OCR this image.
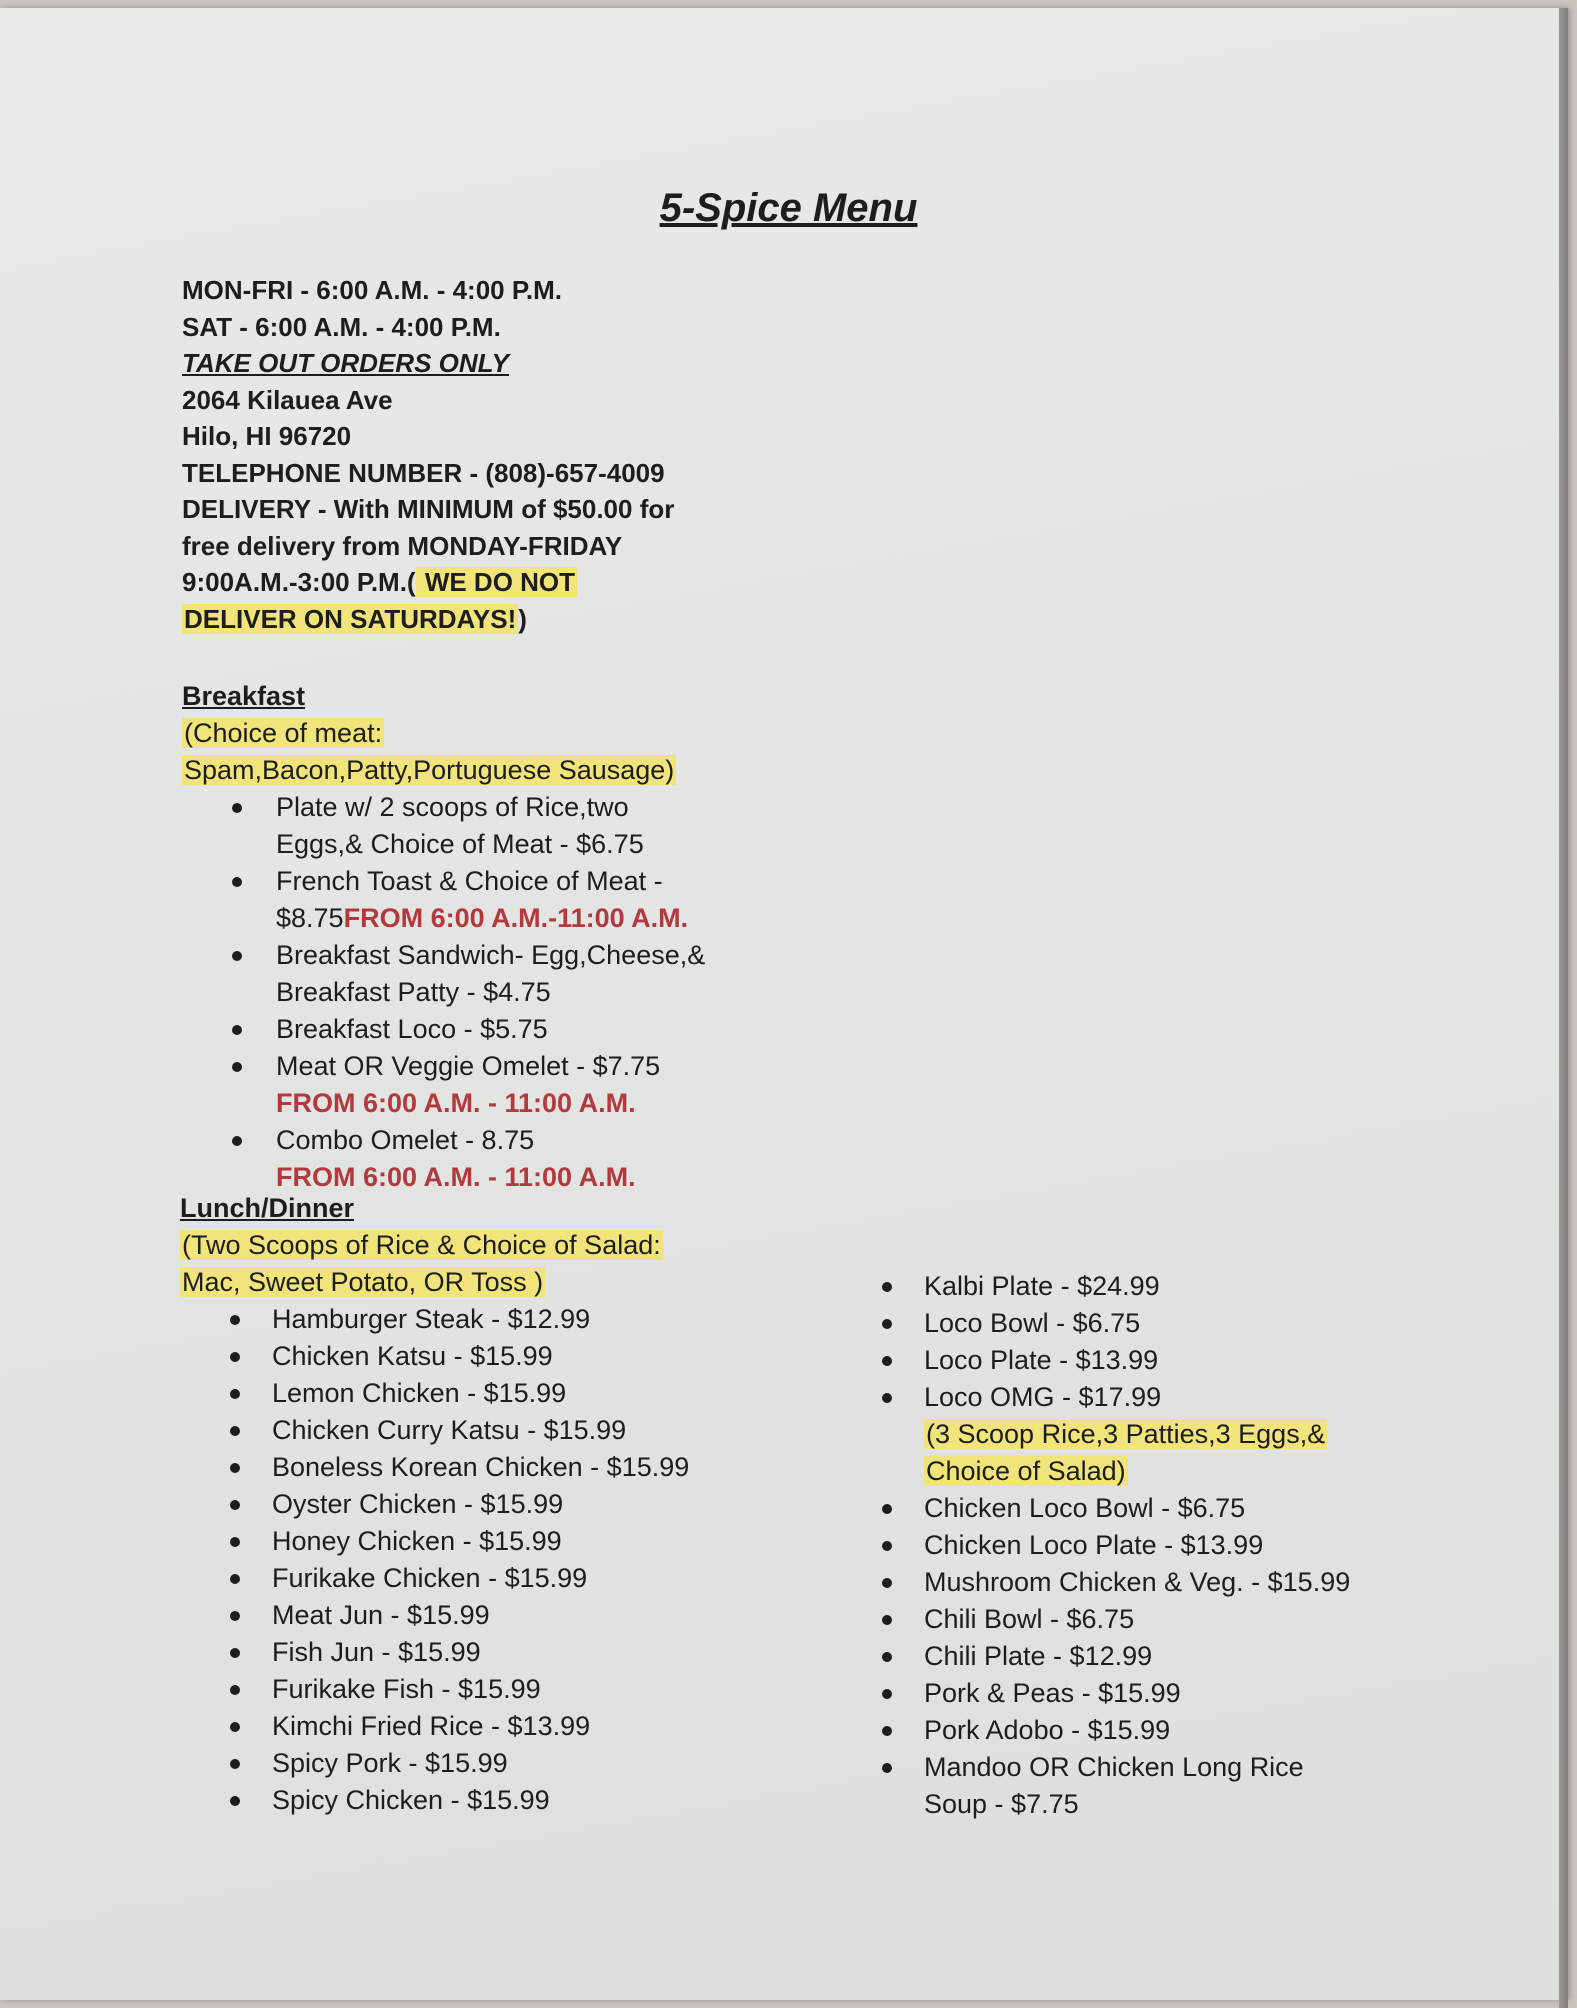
5-Spice Menu
MON-FRI - 6:00 A.M. - 4:00 P.M.
SAT - 6:00 A.M. - 4:00 P.M.
TAKE OUT ORDERS ONLY
2064 Kilauea Ave
Hilo, HI 96720
TELEPHONE NUMBER - (808)-657-4009
DELIVERY - With MINIMUM of $50.00 for
free delivery from MONDAY-FRIDAY
9:00A.M.-3:00 P.M.( WE DO NOT
DELIVER ON SATURDAYS!)
Breakfast
(Choice of meat:
Spam,Bacon,Patty,Portuguese Sausage)
Plate w/ 2 scoops of Rice,two
Eggs,& Choice of Meat - $6.75
French Toast & Choice of Meat -
$8.75FROM 6:00 A.M.-11:00 A.M.
Breakfast Sandwich- Egg,Cheese,&
Breakfast Patty - $4.75
Breakfast Loco - $5.75
Meat OR Veggie Omelet - $7.75
FROM 6:00 A.M. - 11:00 A.M.
Combo Omelet - 8.75
FROM 6:00 A.M. - 11:00 A.M.
Lunch/Dinner
(Two Scoops of Rice & Choice of Salad:
Mac, Sweet Potato, OR Toss )
Hamburger Steak - $12.99
Chicken Katsu - $15.99
Lemon Chicken - $15.99
Chicken Curry Katsu - $15.99
Boneless Korean Chicken - $15.99
Oyster Chicken - $15.99
Honey Chicken - $15.99
Furikake Chicken - $15.99
Meat Jun - $15.99
Fish Jun - $15.99
Furikake Fish - $15.99
Kimchi Fried Rice - $13.99
Spicy Pork - $15.99
Spicy Chicken - $15.99
Kalbi Plate - $24.99
Loco Bowl - $6.75
Loco Plate - $13.99
Loco OMG - $17.99
(3 Scoop Rice,3 Patties,3 Eggs,&
Choice of Salad)
Chicken Loco Bowl - $6.75
Chicken Loco Plate - $13.99
Mushroom Chicken & Veg. - $15.99
Chili Bowl - $6.75
Chili Plate - $12.99
Pork & Peas - $15.99
Pork Adobo - $15.99
Mandoo OR Chicken Long Rice
Soup - $7.75
